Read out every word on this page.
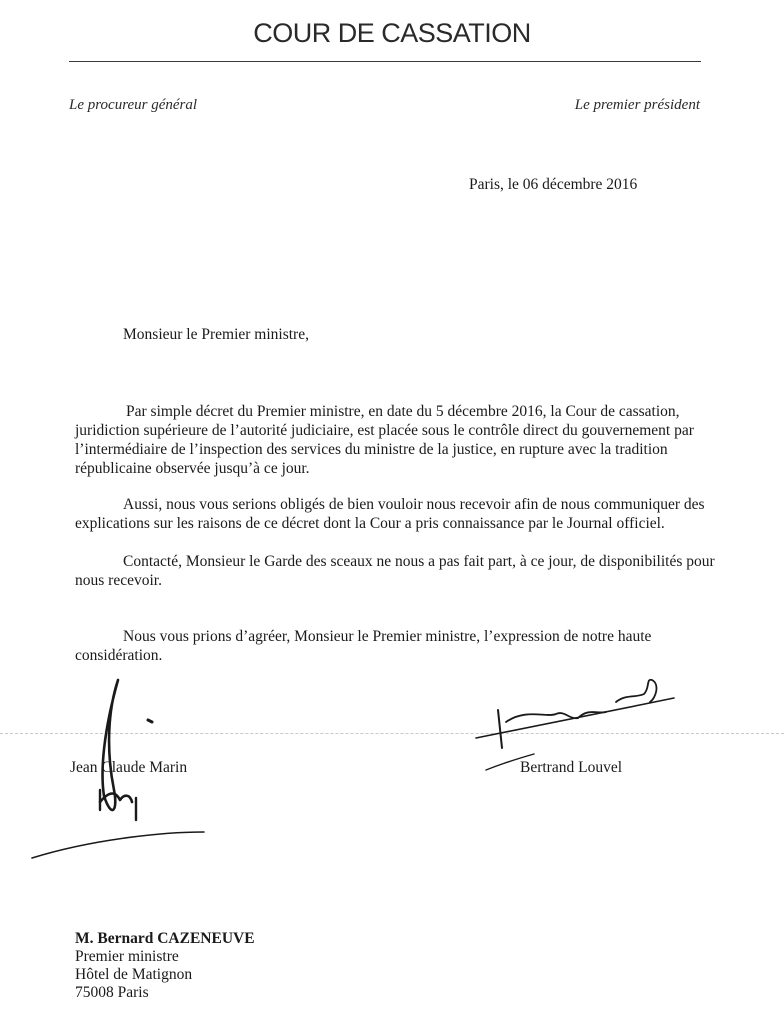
COUR DE CASSATION
Le procureur général	Le premier président
Paris, le 06 décembre 2016
Monsieur le Premier ministre,
Par simple décret du Premier ministre, en date du 5 décembre 2016, la Cour de cassation, juridiction supérieure de l’autorité judiciaire, est placée sous le contrôle direct du gouvernement par l’intermédiaire de l’inspection des services du ministre de la justice, en rupture avec la tradition républicaine observée jusqu’à ce jour.
Aussi, nous vous serions obligés de bien vouloir nous recevoir afin de nous communiquer des explications sur les raisons de ce décret dont la Cour a pris connaissance par le Journal officiel.
Contacté, Monsieur le Garde des sceaux ne nous a pas fait part, à ce jour, de disponibilités pour nous recevoir.
Nous vous prions d’agréer, Monsieur le Premier ministre, l’expression de notre haute considération.
Jean Claude Marin	Bertrand Louvel
M. Bernard CAZENEUVE
Premier ministre
Hôtel de Matignon
75008 Paris
